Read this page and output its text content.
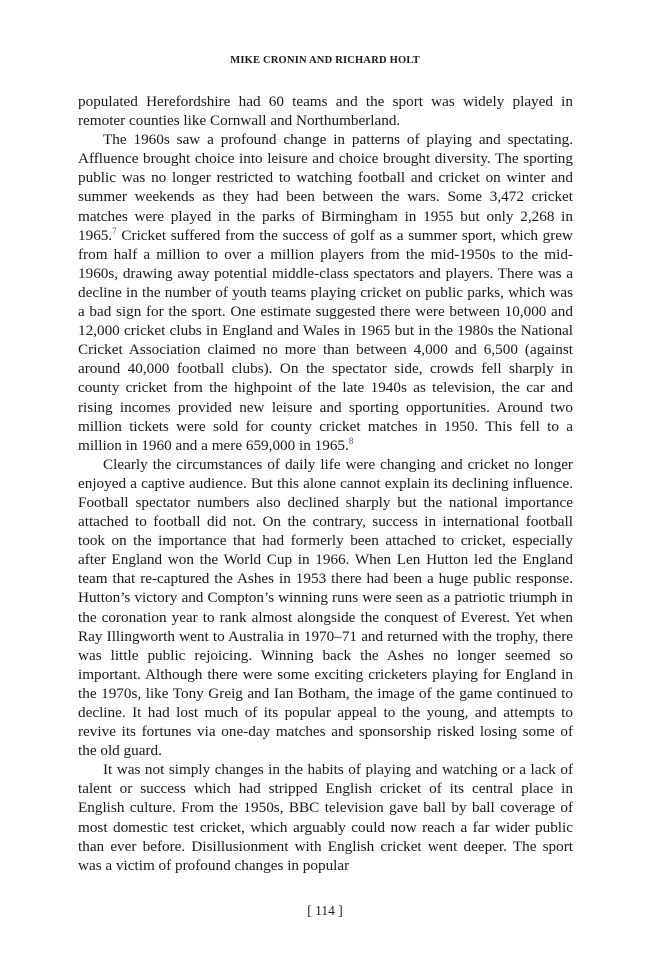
MIKE CRONIN AND RICHARD HOLT

populated Herefordshire had 60 teams and the sport was widely played in remoter counties like Cornwall and Northumberland.

The 1960s saw a profound change in patterns of playing and spectating. Affluence brought choice into leisure and choice brought diversity. The sporting public was no longer restricted to watching football and cricket on winter and summer weekends as they had been between the wars. Some 3,472 cricket matches were played in the parks of Birmingham in 1955 but only 2,268 in 1965.$^7$ Cricket suffered from the success of golf as a summer sport, which grew from half a million to over a million players from the mid-1950s to the mid-1960s, drawing away potential middle-class spectators and players. There was a decline in the number of youth teams playing cricket on public parks, which was a bad sign for the sport. One estimate suggested there were between 10,000 and 12,000 cricket clubs in England and Wales in 1965 but in the 1980s the National Cricket Association claimed no more than between 4,000 and 6,500 (against around 40,000 football clubs). On the spectator side, crowds fell sharply in county cricket from the highpoint of the late 1940s as television, the car and rising incomes provided new leisure and sporting opportunities. Around two million tickets were sold for county cricket matches in 1950. This fell to a million in 1960 and a mere 659,000 in 1965.$^8$

Clearly the circumstances of daily life were changing and cricket no longer enjoyed a captive audience. But this alone cannot explain its declining influence. Football spectator numbers also declined sharply but the national importance attached to football did not. On the contrary, success in international football took on the importance that had formerly been attached to cricket, especially after England won the World Cup in 1966. When Len Hutton led the England team that re-captured the Ashes in 1953 there had been a huge public response. Hutton’s victory and Compton’s winning runs were seen as a patriotic triumph in the coronation year to rank almost alongside the conquest of Everest. Yet when Ray Illingworth went to Australia in 1970–71 and returned with the trophy, there was little public rejoicing. Winning back the Ashes no longer seemed so important. Although there were some exciting cricketers playing for England in the 1970s, like Tony Greig and Ian Botham, the image of the game continued to decline. It had lost much of its popular appeal to the young, and attempts to revive its fortunes via one-day matches and sponsorship risked losing some of the old guard.

It was not simply changes in the habits of playing and watching or a lack of talent or success which had stripped English cricket of its central place in English culture. From the 1950s, BBC television gave ball by ball coverage of most domestic test cricket, which arguably could now reach a far wider public than ever before. Disillusionment with English cricket went deeper. The sport was a victim of profound changes in popular

[ 114 ]
